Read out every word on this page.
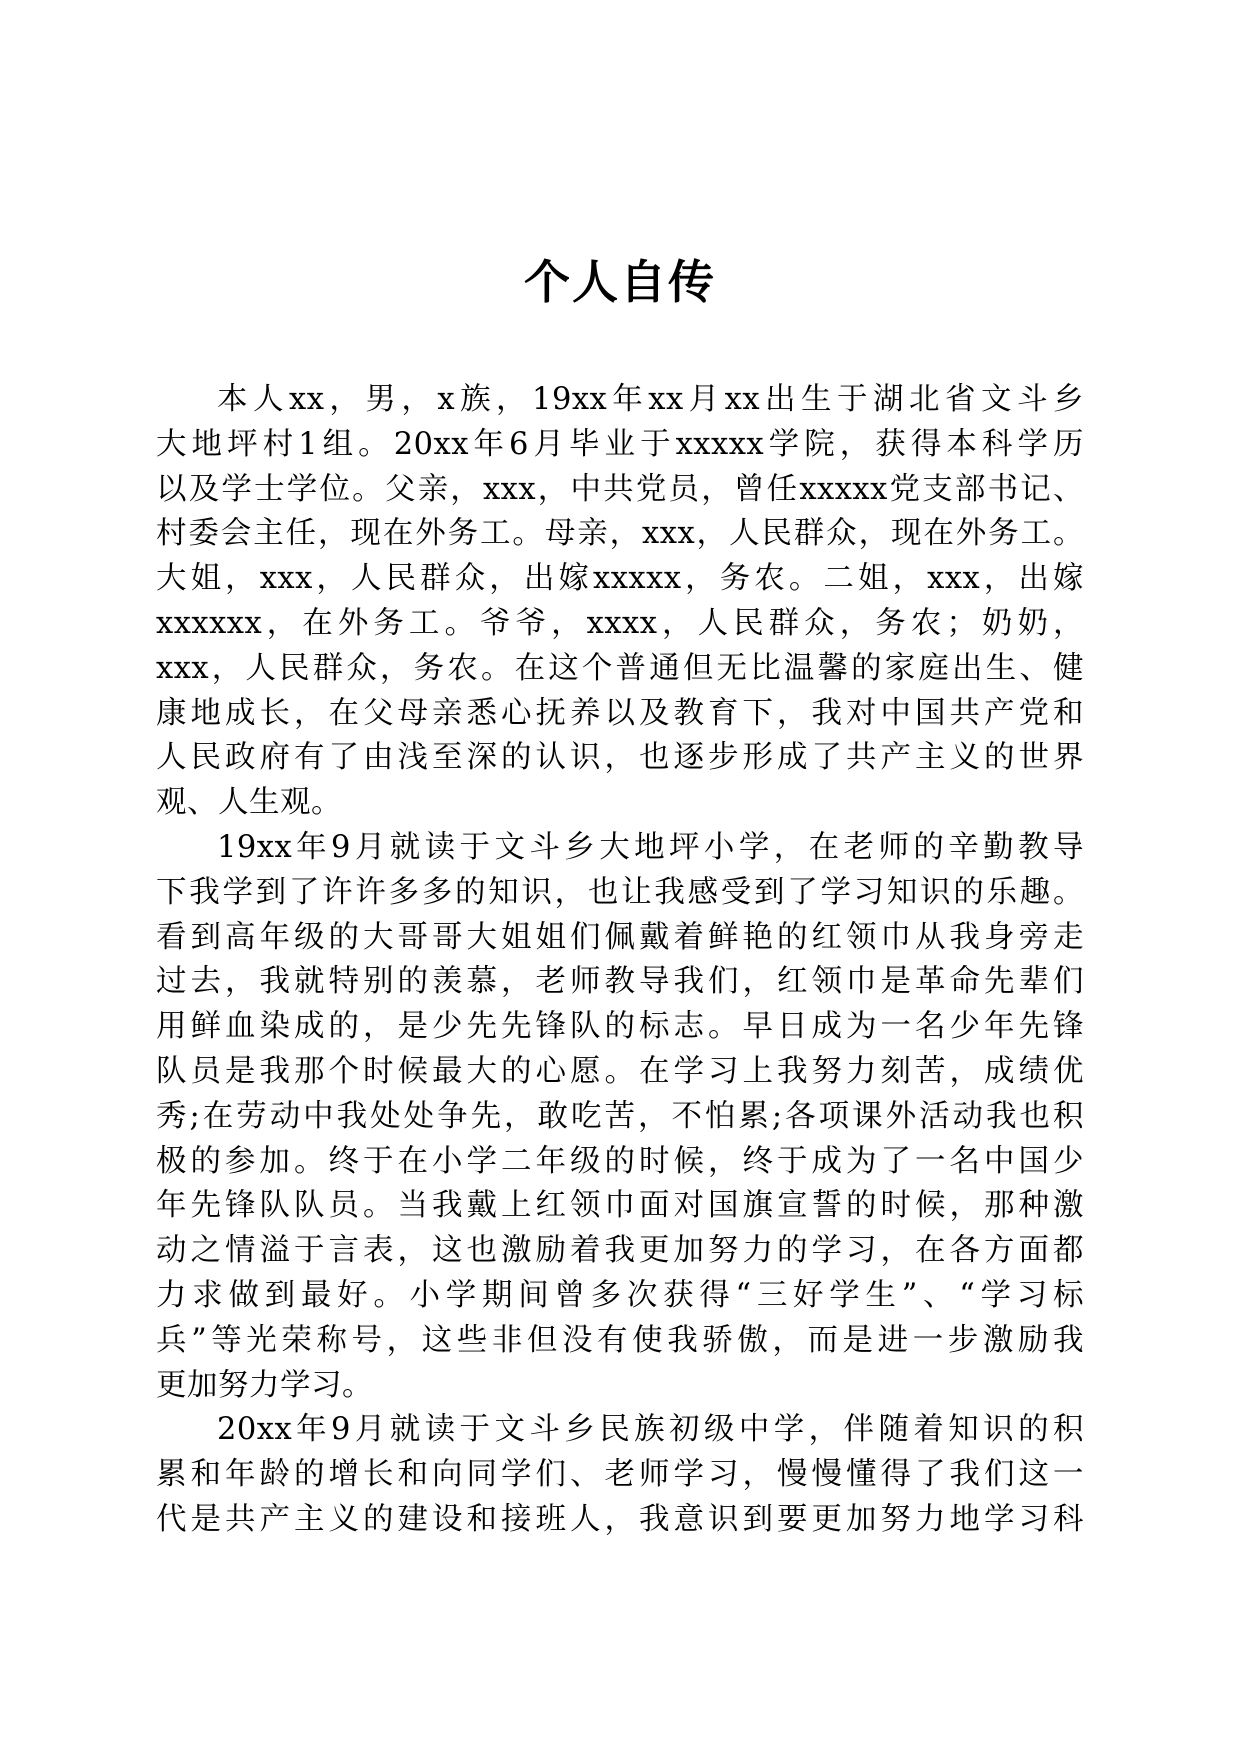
个人自传

本人xx，男，x族，19xx年xx月xx出生于湖北省文斗乡
大地坪村1组。20xx年6月毕业于xxxxx学院，获得本科学历
以及学士学位。父亲，xxx，中共党员，曾任xxxxx党支部书记、
村委会主任，现在外务工。母亲，xxx，人民群众，现在外务工。
大姐，xxx，人民群众，出嫁xxxxx，务农。二姐，xxx，出嫁
xxxxxx，在外务工。爷爷，xxxx，人民群众，务农；奶奶，
xxx，人民群众，务农。在这个普通但无比温馨的家庭出生、健
康地成长，在父母亲悉心抚养以及教育下，我对中国共产党和
人民政府有了由浅至深的认识，也逐步形成了共产主义的世界
观、人生观。

19xx年9月就读于文斗乡大地坪小学，在老师的辛勤教导
下我学到了许许多多的知识，也让我感受到了学习知识的乐趣。
看到高年级的大哥哥大姐姐们佩戴着鲜艳的红领巾从我身旁走
过去，我就特别的羡慕，老师教导我们，红领巾是革命先辈们
用鲜血染成的，是少先先锋队的标志。早日成为一名少年先锋
队员是我那个时候最大的心愿。在学习上我努力刻苦，成绩优
秀;在劳动中我处处争先，敢吃苦，不怕累;各项课外活动我也积
极的参加。终于在小学二年级的时候，终于成为了一名中国少
年先锋队队员。当我戴上红领巾面对国旗宣誓的时候，那种激
动之情溢于言表，这也激励着我更加努力的学习，在各方面都
力求做到最好。小学期间曾多次获得“三好学生”、“学习标
兵”等光荣称号，这些非但没有使我骄傲，而是进一步激励我
更加努力学习。

20xx年9月就读于文斗乡民族初级中学，伴随着知识的积
累和年龄的增长和向同学们、老师学习，慢慢懂得了我们这一
代是共产主义的建设和接班人，我意识到要更加努力地学习科
